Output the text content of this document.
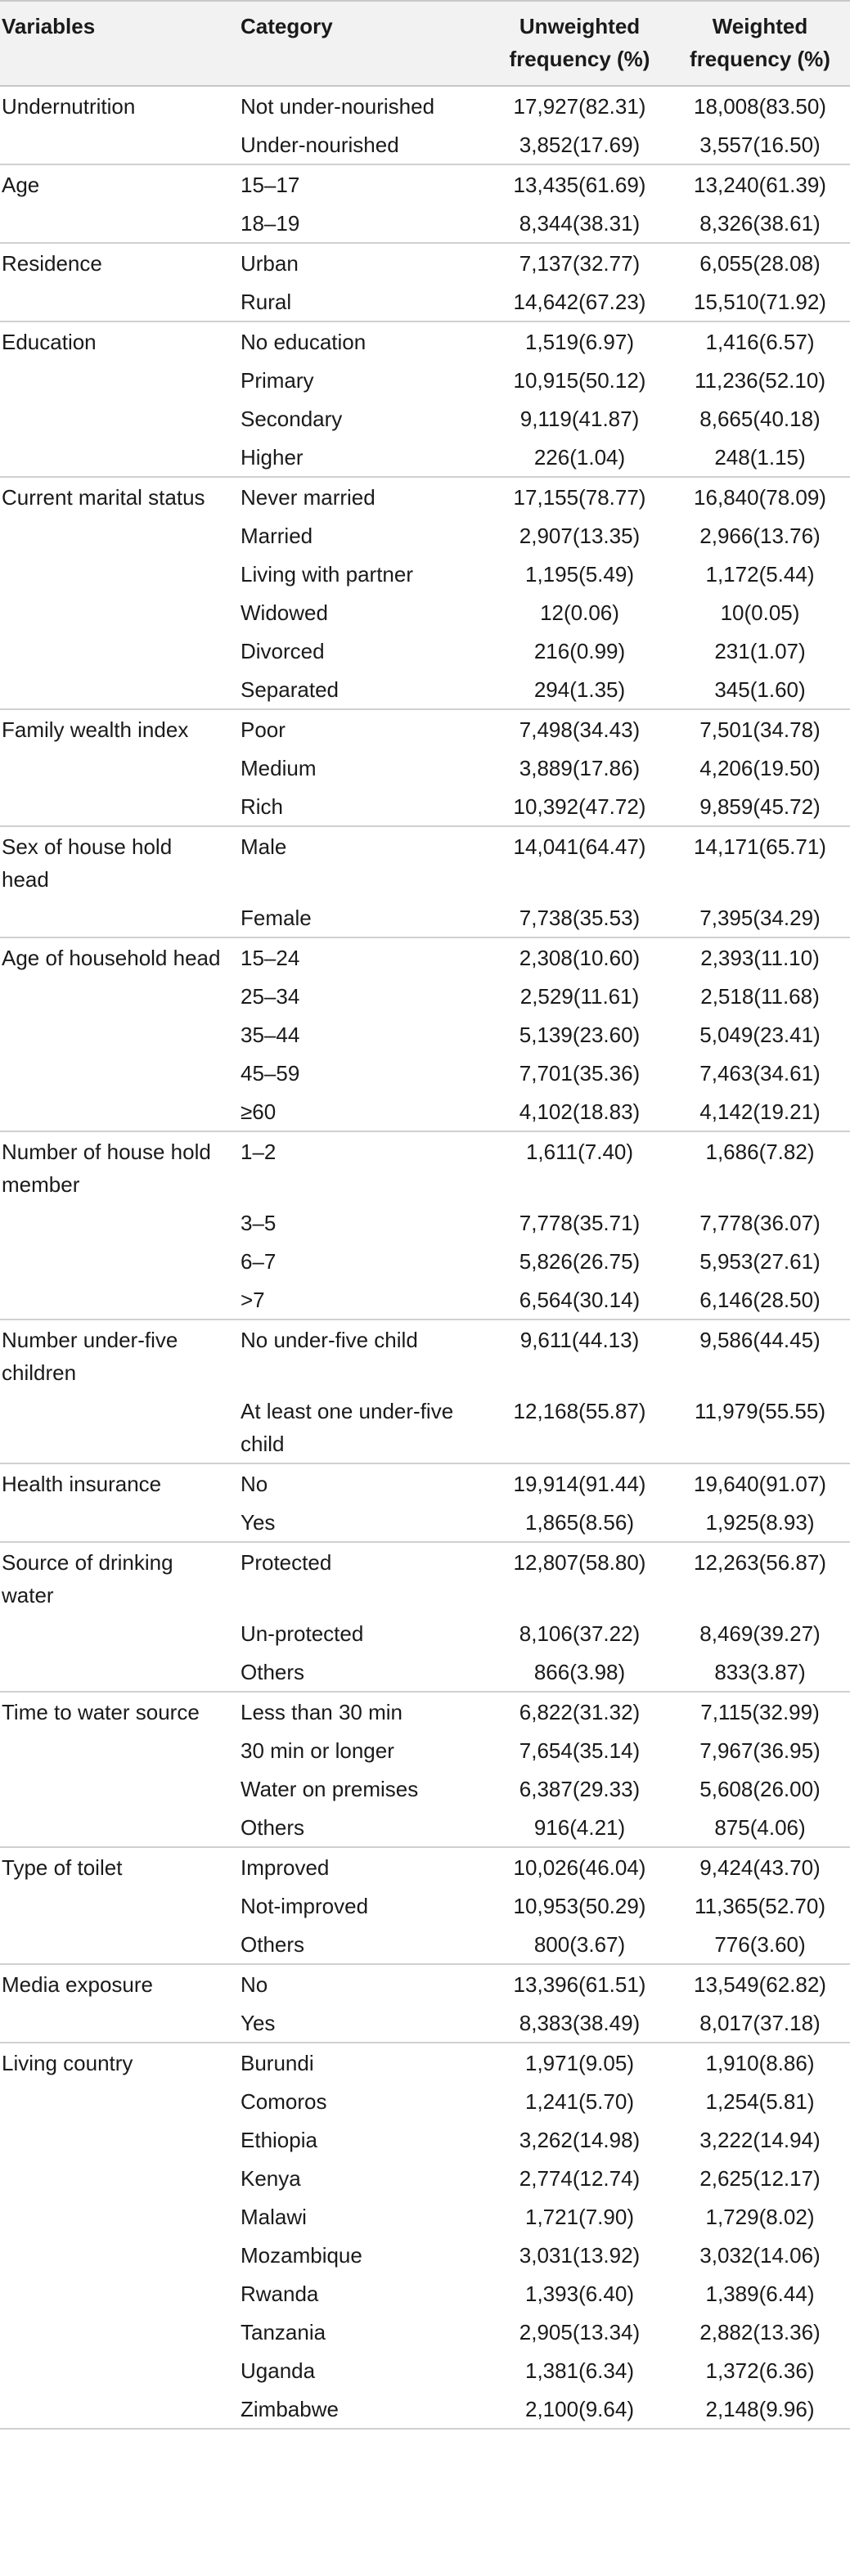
Variables	Category	Unweighted frequency (%)	Weighted frequency (%)
Undernutrition	Not under-nourished	17,927(82.31)	18,008(83.50)
	Under-nourished	3,852(17.69)	3,557(16.50)
Age	15–17	13,435(61.69)	13,240(61.39)
	18–19	8,344(38.31)	8,326(38.61)
Residence	Urban	7,137(32.77)	6,055(28.08)
	Rural	14,642(67.23)	15,510(71.92)
Education	No education	1,519(6.97)	1,416(6.57)
	Primary	10,915(50.12)	11,236(52.10)
	Secondary	9,119(41.87)	8,665(40.18)
	Higher	226(1.04)	248(1.15)
Current marital status	Never married	17,155(78.77)	16,840(78.09)
	Married	2,907(13.35)	2,966(13.76)
	Living with partner	1,195(5.49)	1,172(5.44)
	Widowed	12(0.06)	10(0.05)
	Divorced	216(0.99)	231(1.07)
	Separated	294(1.35)	345(1.60)
Family wealth index	Poor	7,498(34.43)	7,501(34.78)
	Medium	3,889(17.86)	4,206(19.50)
	Rich	10,392(47.72)	9,859(45.72)
Sex of house hold head	Male	14,041(64.47)	14,171(65.71)
	Female	7,738(35.53)	7,395(34.29)
Age of household head	15–24	2,308(10.60)	2,393(11.10)
	25–34	2,529(11.61)	2,518(11.68)
	35–44	5,139(23.60)	5,049(23.41)
	45–59	7,701(35.36)	7,463(34.61)
	≥60	4,102(18.83)	4,142(19.21)
Number of house hold member	1–2	1,611(7.40)	1,686(7.82)
	3–5	7,778(35.71)	7,778(36.07)
	6–7	5,826(26.75)	5,953(27.61)
	>7	6,564(30.14)	6,146(28.50)
Number under-five children	No under-five child	9,611(44.13)	9,586(44.45)
	At least one under-five child	12,168(55.87)	11,979(55.55)
Health insurance	No	19,914(91.44)	19,640(91.07)
	Yes	1,865(8.56)	1,925(8.93)
Source of drinking water	Protected	12,807(58.80)	12,263(56.87)
	Un-protected	8,106(37.22)	8,469(39.27)
	Others	866(3.98)	833(3.87)
Time to water source	Less than 30 min	6,822(31.32)	7,115(32.99)
	30 min or longer	7,654(35.14)	7,967(36.95)
	Water on premises	6,387(29.33)	5,608(26.00)
	Others	916(4.21)	875(4.06)
Type of toilet	Improved	10,026(46.04)	9,424(43.70)
	Not-improved	10,953(50.29)	11,365(52.70)
	Others	800(3.67)	776(3.60)
Media exposure	No	13,396(61.51)	13,549(62.82)
	Yes	8,383(38.49)	8,017(37.18)
Living country	Burundi	1,971(9.05)	1,910(8.86)
	Comoros	1,241(5.70)	1,254(5.81)
	Ethiopia	3,262(14.98)	3,222(14.94)
	Kenya	2,774(12.74)	2,625(12.17)
	Malawi	1,721(7.90)	1,729(8.02)
	Mozambique	3,031(13.92)	3,032(14.06)
	Rwanda	1,393(6.40)	1,389(6.44)
	Tanzania	2,905(13.34)	2,882(13.36)
	Uganda	1,381(6.34)	1,372(6.36)
	Zimbabwe	2,100(9.64)	2,148(9.96)
